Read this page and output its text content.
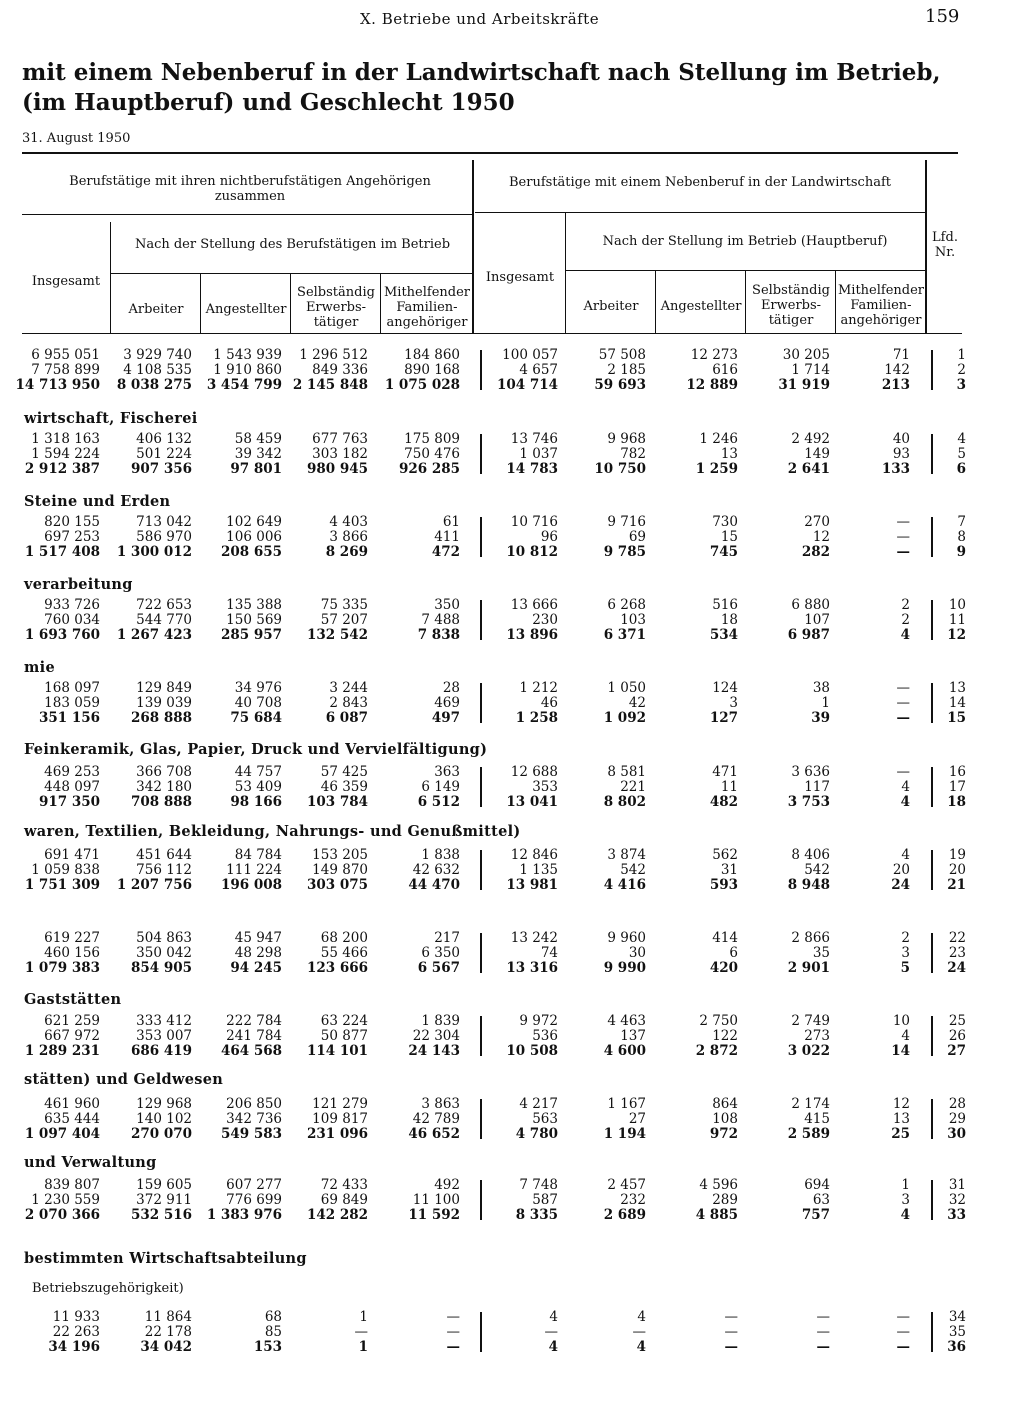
X. Betriebe und Arbeitskräfte	159
mit einem Nebenberuf in der Landwirtschaft nach Stellung im Betrieb,
(im Hauptberuf) und Geschlecht 1950
31. August 1950
Berufstätige mit ihren nichtberufstätigen Angehörigen zusammen
Berufstätige mit einem Nebenberuf in der Landwirtschaft
Insgesamt
Nach der Stellung des Berufstätigen im Betrieb
Arbeiter	Angestellter
Selbständig
Erwerbs-
tätiger
Mithelfender
Familien-
angehöriger
Insgesamt
Nach der Stellung im Betrieb (Hauptberuf)
Arbeiter	Angestellter
Selbständig
Erwerbs-
tätiger
Mithelfender
Familien-
angehöriger
Lfd.
Nr.
6 955 051	3 929 740	1 543 939	1 296 512	184 860	100 057	57 508	12 273	30 205	71	1
7 758 899	4 108 535	1 910 860	849 336	890 168	4 657	2 185	616	1 714	142	2
14 713 950	8 038 275	3 454 799	2 145 848	1 075 028	104 714	59 693	12 889	31 919	213	3
wirtschaft, Fischerei
1 318 163	406 132	58 459	677 763	175 809	13 746	9 968	1 246	2 492	40	4
1 594 224	501 224	39 342	303 182	750 476	1 037	782	13	149	93	5
2 912 387	907 356	97 801	980 945	926 285	14 783	10 750	1 259	2 641	133	6
Steine und Erden
820 155	713 042	102 649	4 403	61	10 716	9 716	730	270	—	7
697 253	586 970	106 006	3 866	411	96	69	15	12	—	8
1 517 408	1 300 012	208 655	8 269	472	10 812	9 785	745	282	—	9
verarbeitung
933 726	722 653	135 388	75 335	350	13 666	6 268	516	6 880	2	10
760 034	544 770	150 569	57 207	7 488	230	103	18	107	2	11
1 693 760	1 267 423	285 957	132 542	7 838	13 896	6 371	534	6 987	4	12
mie
168 097	129 849	34 976	3 244	28	1 212	1 050	124	38	—	13
183 059	139 039	40 708	2 843	469	46	42	3	1	—	14
351 156	268 888	75 684	6 087	497	1 258	1 092	127	39	—	15
Feinkeramik, Glas, Papier, Druck und Vervielfältigung)
469 253	366 708	44 757	57 425	363	12 688	8 581	471	3 636	—	16
448 097	342 180	53 409	46 359	6 149	353	221	11	117	4	17
917 350	708 888	98 166	103 784	6 512	13 041	8 802	482	3 753	4	18
waren, Textilien, Bekleidung, Nahrungs- und Genußmittel)
691 471	451 644	84 784	153 205	1 838	12 846	3 874	562	8 406	4	19
1 059 838	756 112	111 224	149 870	42 632	1 135	542	31	542	20	20
1 751 309	1 207 756	196 008	303 075	44 470	13 981	4 416	593	8 948	24	21
619 227	504 863	45 947	68 200	217	13 242	9 960	414	2 866	2	22
460 156	350 042	48 298	55 466	6 350	74	30	6	35	3	23
1 079 383	854 905	94 245	123 666	6 567	13 316	9 990	420	2 901	5	24
Gaststätten
621 259	333 412	222 784	63 224	1 839	9 972	4 463	2 750	2 749	10	25
667 972	353 007	241 784	50 877	22 304	536	137	122	273	4	26
1 289 231	686 419	464 568	114 101	24 143	10 508	4 600	2 872	3 022	14	27
stätten) und Geldwesen
461 960	129 968	206 850	121 279	3 863	4 217	1 167	864	2 174	12	28
635 444	140 102	342 736	109 817	42 789	563	27	108	415	13	29
1 097 404	270 070	549 583	231 096	46 652	4 780	1 194	972	2 589	25	30
und Verwaltung
839 807	159 605	607 277	72 433	492	7 748	2 457	4 596	694	1	31
1 230 559	372 911	776 699	69 849	11 100	587	232	289	63	3	32
2 070 366	532 516	1 383 976	142 282	11 592	8 335	2 689	4 885	757	4	33
bestimmten Wirtschaftsabteilung
Betriebszugehörigkeit)
11 933	11 864	68	1	—	4	4	—	—	—	34
22 263	22 178	85	—	—	—	—	—	—	—	35
34 196	34 042	153	1	—	4	4	—	—	—	36
